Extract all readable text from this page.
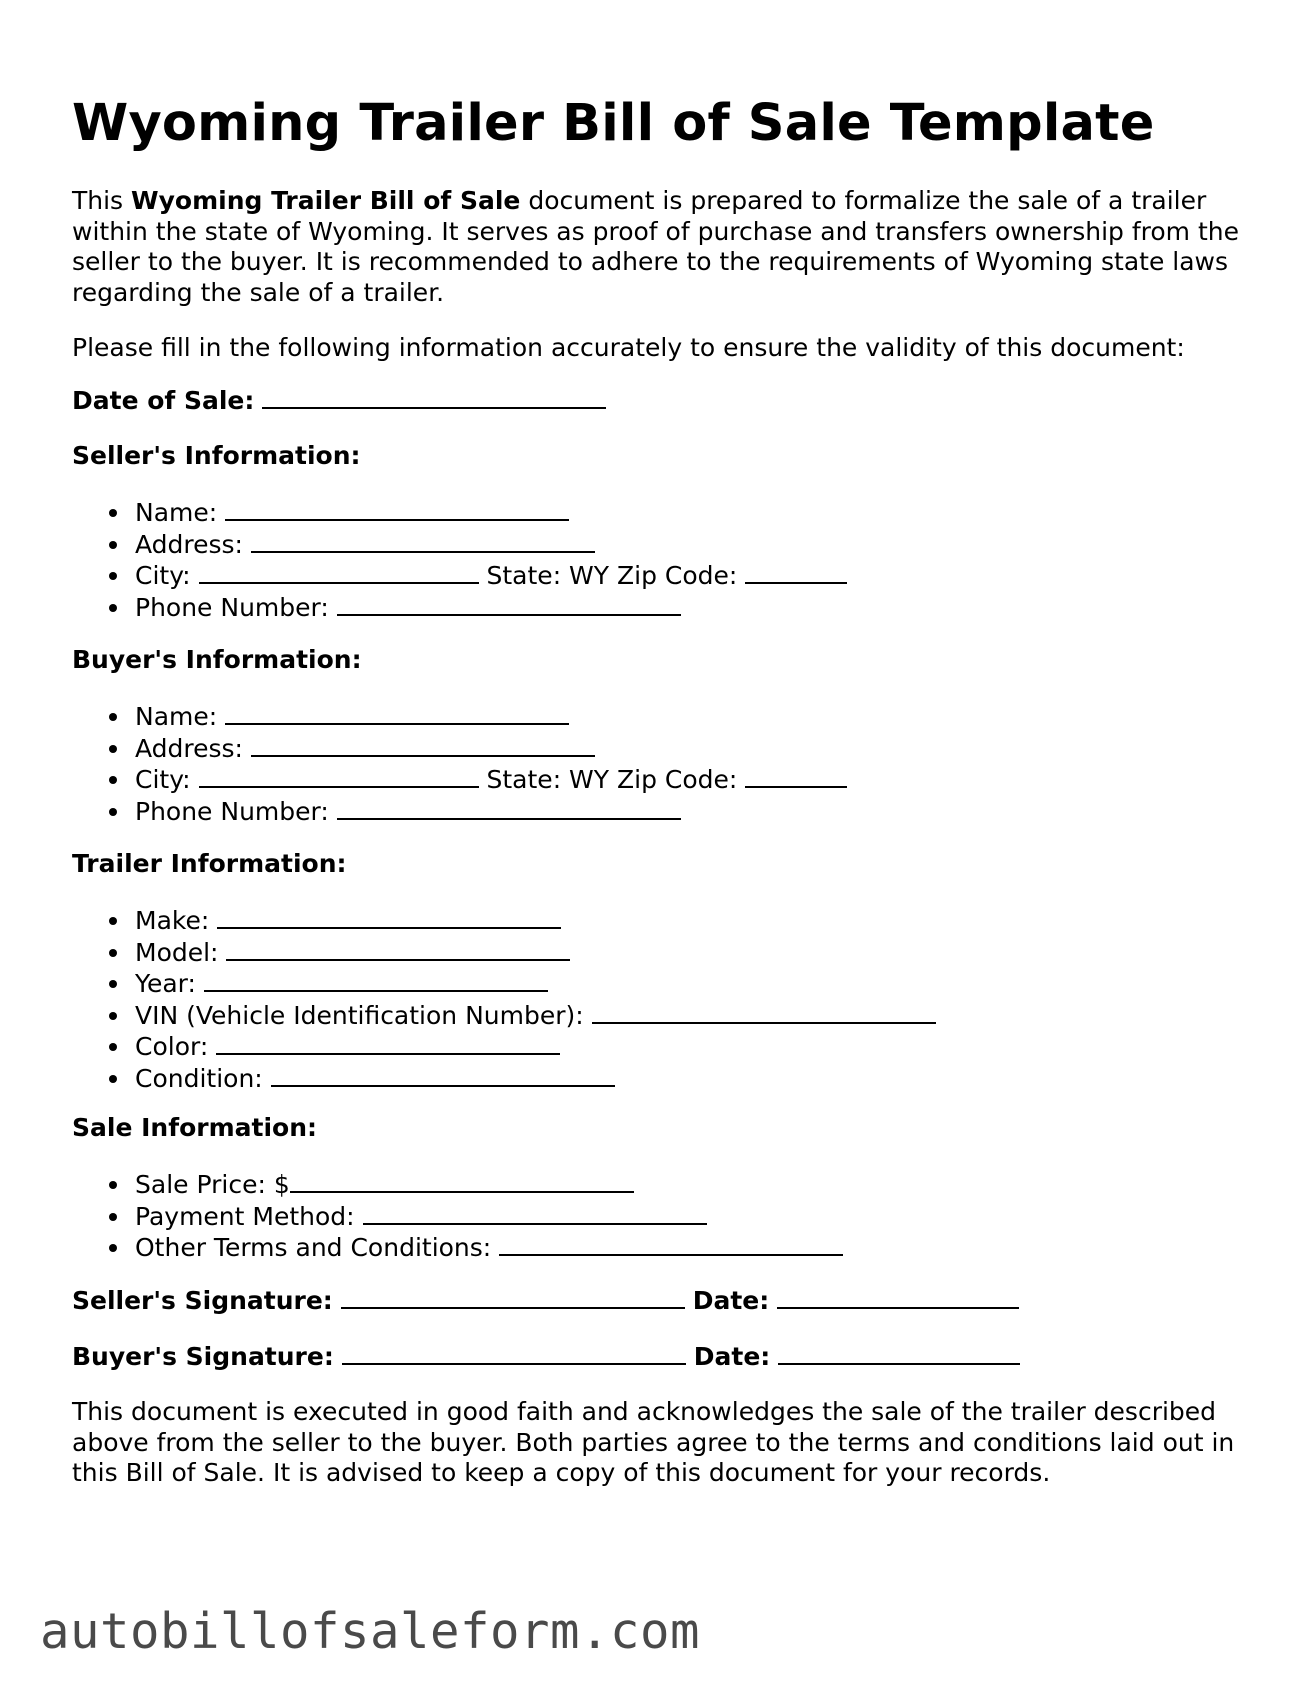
Wyoming Trailer Bill of Sale Template

This Wyoming Trailer Bill of Sale document is prepared to formalize the sale of a trailer within the state of Wyoming. It serves as proof of purchase and transfers ownership from the seller to the buyer. It is recommended to adhere to the requirements of Wyoming state laws regarding the sale of a trailer.

Please fill in the following information accurately to ensure the validity of this document:

Date of Sale:

Seller's Information:

Name:
Address:
City:	State: WY Zip Code:
Phone Number:

Buyer's Information:

Name:
Address:
City:	State: WY Zip Code:
Phone Number:

Trailer Information:

Make:
Model:
Year:
VIN (Vehicle Identification Number):
Color:
Condition:

Sale Information:

Sale Price: $
Payment Method:
Other Terms and Conditions:

Seller's Signature:	Date:

Buyer's Signature:	Date:

This document is executed in good faith and acknowledges the sale of the trailer described above from the seller to the buyer. Both parties agree to the terms and conditions laid out in this Bill of Sale. It is advised to keep a copy of this document for your records.

autobillofsaleform.com
